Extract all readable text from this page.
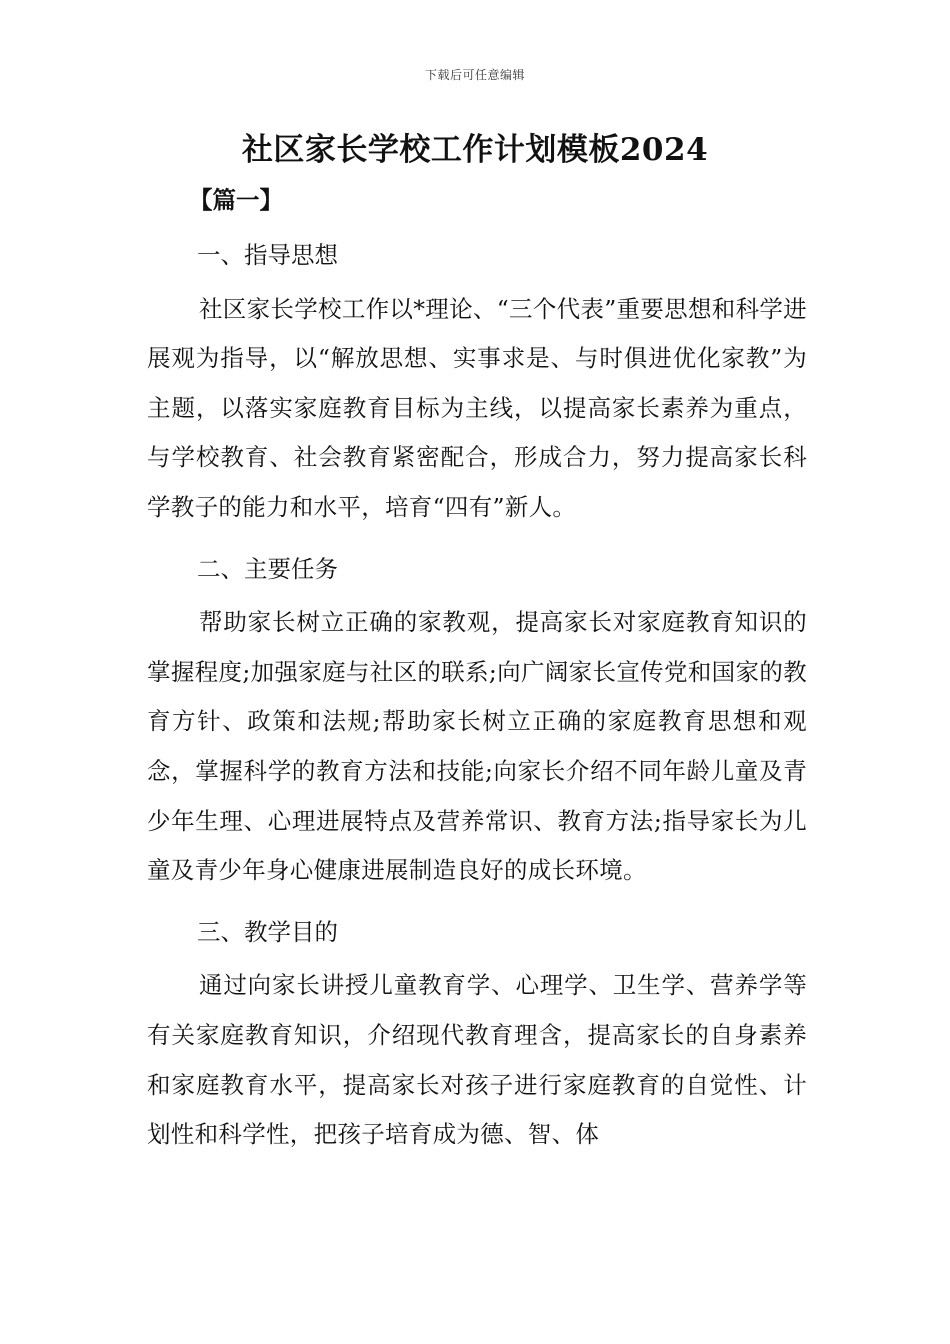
下载后可任意编辑
社区家长学校工作计划模板2024

【篇一】

一、指导思想

社区家长学校工作以*理论、“三个代表”重要思想和科学进展观为指导，以“解放思想、实事求是、与时俱进优化家教”为主题，以落实家庭教育目标为主线，以提高家长素养为重点，与学校教育、社会教育紧密配合，形成合力，努力提高家长科学教子的能力和水平，培育“四有”新人。

二、主要任务

帮助家长树立正确的家教观，提高家长对家庭教育知识的掌握程度;加强家庭与社区的联系;向广阔家长宣传党和国家的教育方针、政策和法规;帮助家长树立正确的家庭教育思想和观念，掌握科学的教育方法和技能;向家长介绍不同年龄儿童及青少年生理、心理进展特点及营养常识、教育方法;指导家长为儿童及青少年身心健康进展制造良好的成长环境。

三、教学目的

通过向家长讲授儿童教育学、心理学、卫生学、营养学等有关家庭教育知识，介绍现代教育理含，提高家长的自身素养和家庭教育水平，提高家长对孩子进行家庭教育的自觉性、计划性和科学性，把孩子培育成为德、智、体
